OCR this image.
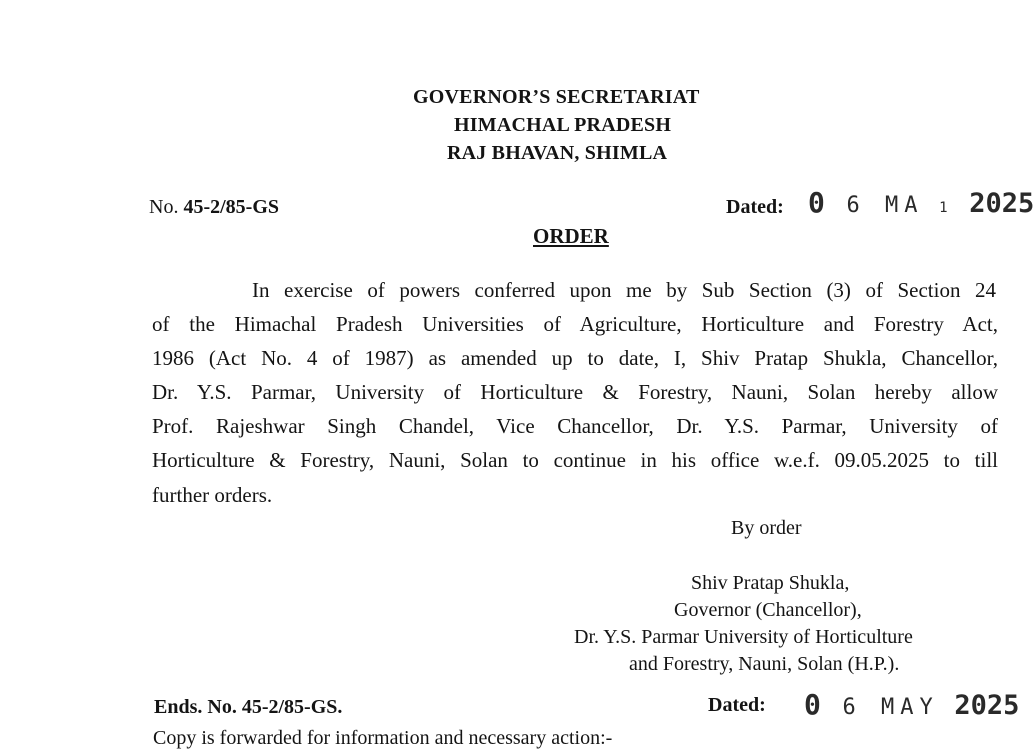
GOVERNOR’S SECRETARIAT
HIMACHAL PRADESH
RAJ BHAVAN, SHIMLA
No. 45-2/85-GS	Dated: 0 6 MA 1 2025
ORDER
In exercise of powers conferred upon me by Sub Section (3) of Section 24
of the Himachal Pradesh Universities of Agriculture, Horticulture and Forestry Act,
1986 (Act No. 4 of 1987) as amended up to date, I, Shiv Pratap Shukla, Chancellor,
Dr. Y.S. Parmar, University of Horticulture & Forestry, Nauni, Solan hereby allow
Prof. Rajeshwar Singh Chandel, Vice Chancellor, Dr. Y.S. Parmar, University of
Horticulture & Forestry, Nauni, Solan to continue in his office w.e.f. 09.05.2025 to till
further orders.
By order
Shiv Pratap Shukla,
Governor (Chancellor),
Dr. Y.S. Parmar University of Horticulture
and Forestry, Nauni, Solan (H.P.).
Ends. No. 45-2/85-GS.	Dated: 0 6 MAY 2025
Copy is forwarded for information and necessary action:-
